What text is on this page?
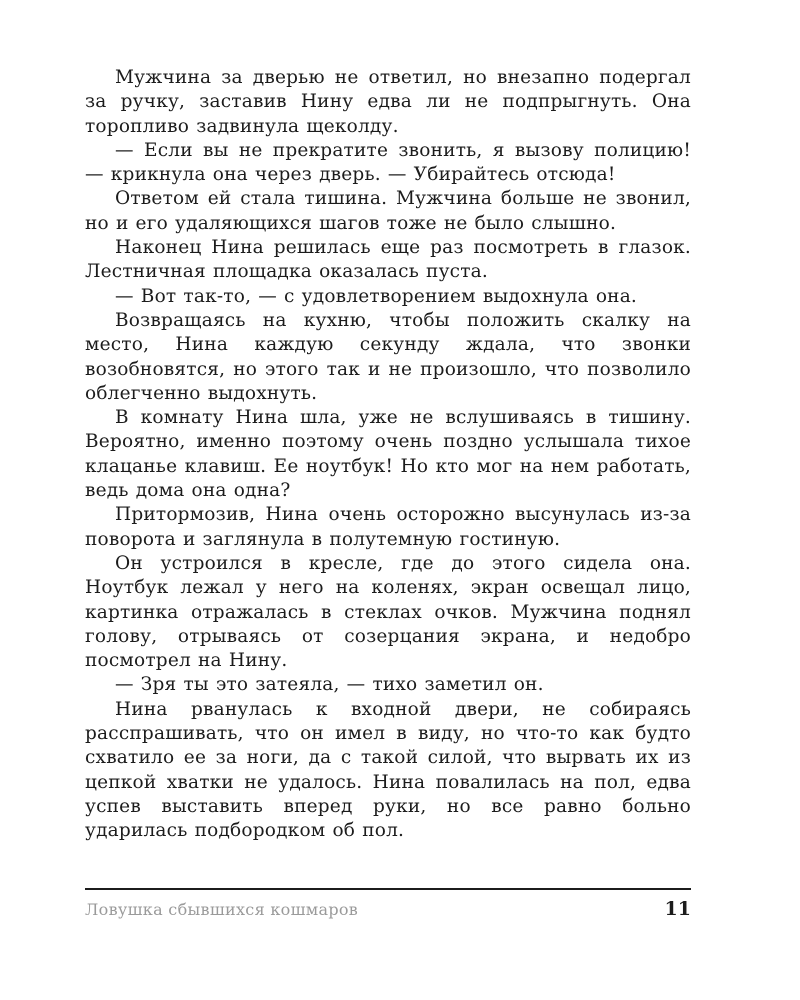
Мужчина за дверью не ответил, но внезапно подергал за ручку, заставив Нину едва ли не подпрыгнуть. Она торопливо задвинула щеколду.

— Если вы не прекратите звонить, я вызову полицию! — крикнула она через дверь. — Убирайтесь отсюда!

Ответом ей стала тишина. Мужчина больше не звонил, но и его удаляющихся шагов тоже не было слышно.

Наконец Нина решилась еще раз посмотреть в глазок. Лестничная площадка оказалась пуста.

— Вот так-то, — с удовлетворением выдохнула она.

Возвращаясь на кухню, чтобы положить скалку на место, Нина каждую секунду ждала, что звонки возобновятся, но этого так и не произошло, что позволило облегченно выдохнуть.

В комнату Нина шла, уже не вслушиваясь в тишину. Вероятно, именно поэтому очень поздно услышала тихое клацанье клавиш. Ее ноутбук! Но кто мог на нем работать, ведь дома она одна?

Притормозив, Нина очень осторожно высунулась из-за поворота и заглянула в полутемную гостиную.

Он устроился в кресле, где до этого сидела она. Ноутбук лежал у него на коленях, экран освещал лицо, картинка отражалась в стеклах очков. Мужчина поднял голову, отрываясь от созерцания экрана, и недобро посмотрел на Нину.

— Зря ты это затеяла, — тихо заметил он.

Нина рванулась к входной двери, не собираясь расспрашивать, что он имел в виду, но что-то как будто схватило ее за ноги, да с такой силой, что вырвать их из цепкой хватки не удалось. Нина повалилась на пол, едва успев выставить вперед руки, но все равно больно ударилась подбородком об пол.

Ловушка сбывшихся кошмаров	11
